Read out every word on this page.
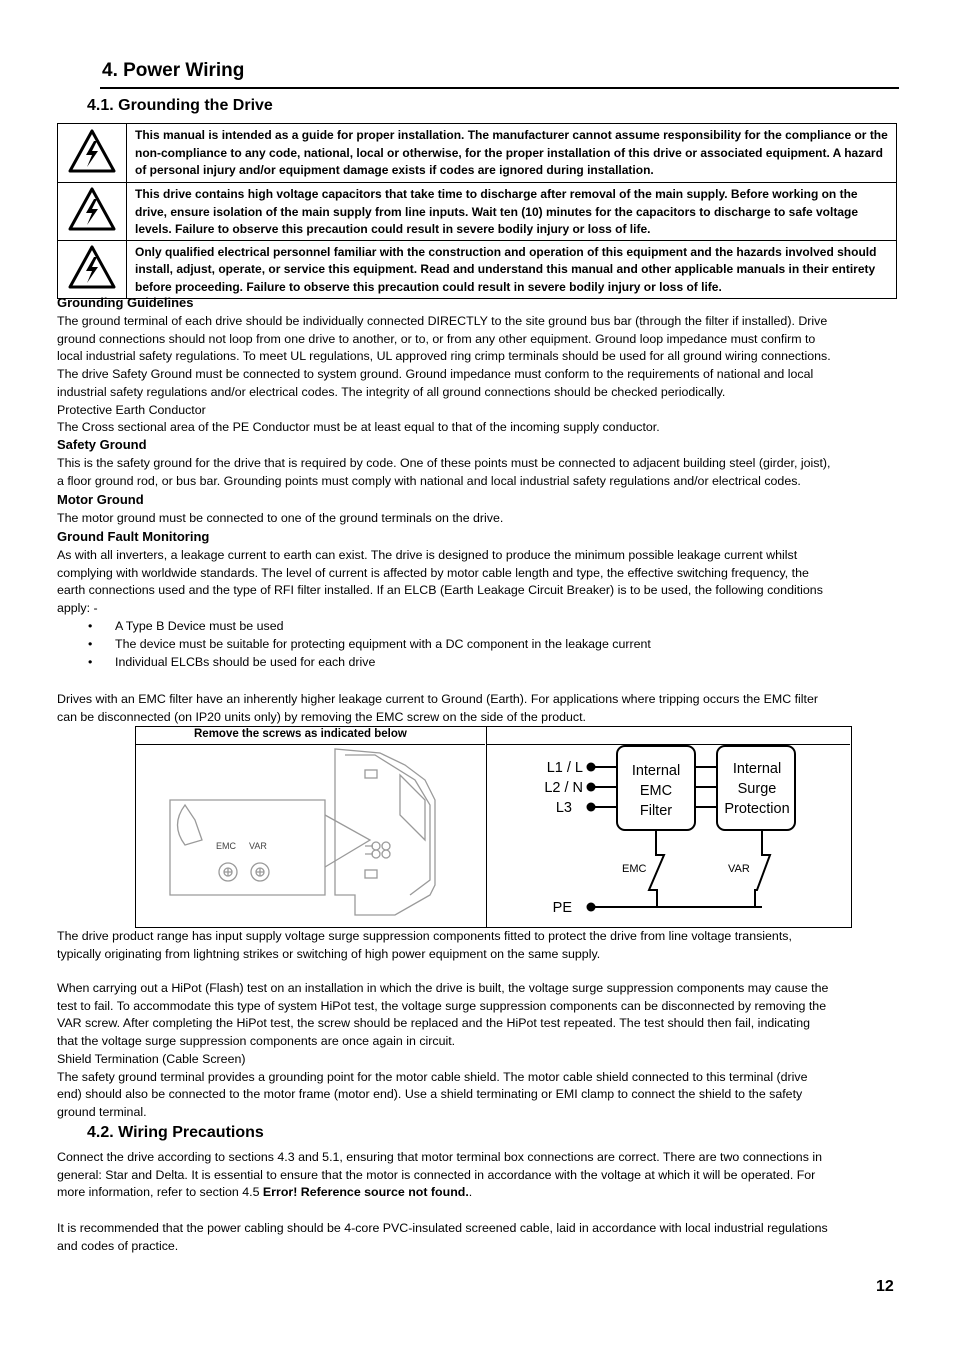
4. Power Wiring
4.1. Grounding the Drive
	This manual is intended as a guide for proper installation. The manufacturer cannot assume responsibility for the compliance or the non-compliance to any code, national, local or otherwise, for the proper installation of this drive or associated equipment. A hazard of personal injury and/or equipment damage exists if codes are ignored during installation.
	This drive contains high voltage capacitors that take time to discharge after removal of the main supply. Before working on the drive, ensure isolation of the main supply from line inputs. Wait ten (10) minutes for the capacitors to discharge to safe voltage levels. Failure to observe this precaution could result in severe bodily injury or loss of life.
	Only qualified electrical personnel familiar with the construction and operation of this equipment and the hazards involved should install, adjust, operate, or service this equipment. Read and understand this manual and other applicable manuals in their entirety before proceeding. Failure to observe this precaution could result in severe bodily injury or loss of life.
Grounding Guidelines
The ground terminal of each drive should be individually connected DIRECTLY to the site ground bus bar (through the filter if installed). Drive
ground connections should not loop from one drive to another, or to, or from any other equipment. Ground loop impedance must confirm to
local industrial safety regulations. To meet UL regulations, UL approved ring crimp terminals should be used for all ground wiring connections.
The drive Safety Ground must be connected to system ground. Ground impedance must conform to the requirements of national and local
industrial safety regulations and/or electrical codes. The integrity of all ground connections should be checked periodically.
Protective Earth Conductor
The Cross sectional area of the PE Conductor must be at least equal to that of the incoming supply conductor.
Safety Ground
This is the safety ground for the drive that is required by code. One of these points must be connected to adjacent building steel (girder, joist),
a floor ground rod, or bus bar. Grounding points must comply with national and local industrial safety regulations and/or electrical codes.
Motor Ground
The motor ground must be connected to one of the ground terminals on the drive.
Ground Fault Monitoring
As with all inverters, a leakage current to earth can exist. The drive is designed to produce the minimum possible leakage current whilst
complying with worldwide standards. The level of current is affected by motor cable length and type, the effective switching frequency, the
earth connections used and the type of RFI filter installed. If an ELCB (Earth Leakage Circuit Breaker) is to be used, the following conditions
apply: -
• A Type B Device must be used
• The device must be suitable for protecting equipment with a DC component in the leakage current
• Individual ELCBs should be used for each drive
Drives with an EMC filter have an inherently higher leakage current to Ground (Earth). For applications where tripping occurs the EMC filter
can be disconnected (on IP20 units only) by removing the EMC screw on the side of the product.
Remove the screws as indicated below
EMC VAR
L1 / L
L2 / N
L3
PE
Internal
EMC
Filter
Internal
Surge
Protection
EMC	VAR
The drive product range has input supply voltage surge suppression components fitted to protect the drive from line voltage transients,
typically originating from lightning strikes or switching of high power equipment on the same supply.
When carrying out a HiPot (Flash) test on an installation in which the drive is built, the voltage surge suppression components may cause the
test to fail. To accommodate this type of system HiPot test, the voltage surge suppression components can be disconnected by removing the
VAR screw. After completing the HiPot test, the screw should be replaced and the HiPot test repeated. The test should then fail, indicating
that the voltage surge suppression components are once again in circuit.
Shield Termination (Cable Screen)
The safety ground terminal provides a grounding point for the motor cable shield. The motor cable shield connected to this terminal (drive
end) should also be connected to the motor frame (motor end). Use a shield terminating or EMI clamp to connect the shield to the safety
ground terminal.
4.2. Wiring Precautions
Connect the drive according to sections 4.3 and 5.1, ensuring that motor terminal box connections are correct. There are two connections in
general: Star and Delta. It is essential to ensure that the motor is connected in accordance with the voltage at which it will be operated. For
more information, refer to section 4.5 Error! Reference source not found..
It is recommended that the power cabling should be 4-core PVC-insulated screened cable, laid in accordance with local industrial regulations
and codes of practice.
12
